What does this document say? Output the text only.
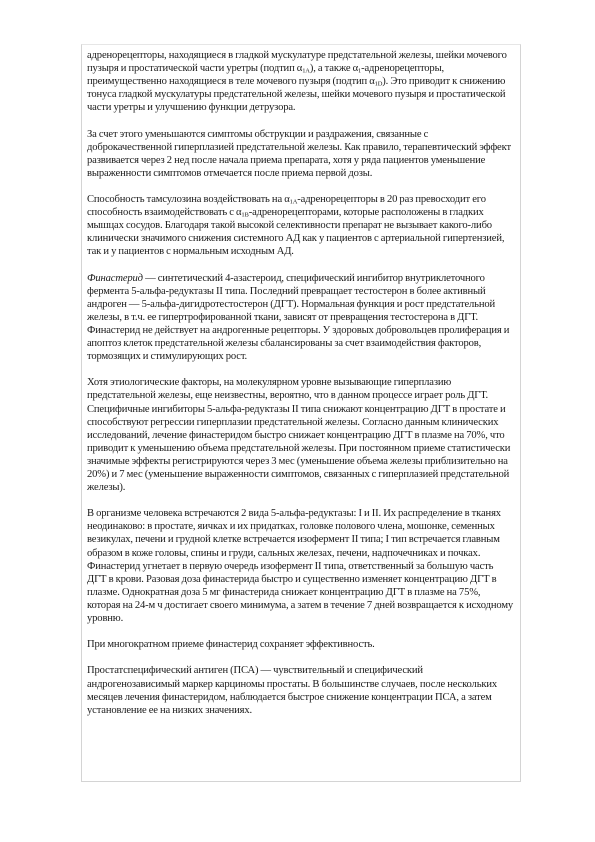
адренорецепторы, находящиеся в гладкой мускулатуре предстательной железы, шейки мочевого пузыря и простатической части уретры (подтип $\alpha_{1A}$), а также $\alpha_1$-адренорецепторы, преимущественно находящиеся в теле мочевого пузыря (подтип $\alpha_{1D}$). Это приводит к снижению тонуса гладкой мускулатуры предстательной железы, шейки мочевого пузыря и простатической части уретры и улучшению функции детрузора.

За счет этого уменьшаются симптомы обструкции и раздражения, связанные с доброкачественной гиперплазией предстательной железы. Как правило, терапевтический эффект развивается через 2 нед после начала приема препарата, хотя у ряда пациентов уменьшение выраженности симптомов отмечается после приема первой дозы.

Способность тамсулозина воздействовать на $\alpha_{1A}$-адренорецепторы в 20 раз превосходит его способность взаимодействовать с $\alpha_{1B}$-адренорецепторами, которые расположены в гладких мышцах сосудов. Благодаря такой высокой селективности препарат не вызывает какого-либо клинически значимого снижения системного АД как у пациентов с артериальной гипертензией, так и у пациентов с нормальным исходным АД.

Финастерид — синтетический 4-азастероид, специфический ингибитор внутриклеточного фермента 5-альфа-редуктазы II типа. Последний превращает тестостерон в более активный андроген — 5-альфа-дигидротестостерон (ДГТ). Нормальная функция и рост предстательной железы, в т.ч. ее гипертрофированной ткани, зависят от превращения тестостерона в ДГТ. Финастерид не действует на андрогенные рецепторы. У здоровых добровольцев пролиферация и апоптоз клеток предстательной железы сбалансированы за счет взаимодействия факторов, тормозящих и стимулирующих рост.

Хотя этиологические факторы, на молекулярном уровне вызывающие гиперплазию предстательной железы, еще неизвестны, вероятно, что в данном процессе играет роль ДГТ. Специфичные ингибиторы 5-альфа-редуктазы II типа снижают концентрацию ДГТ в простате и способствуют регрессии гиперплазии предстательной железы. Согласно данным клинических исследований, лечение финастеридом быстро снижает концентрацию ДГТ в плазме на 70%, что приводит к уменьшению объема предстательной железы. При постоянном приеме статистически значимые эффекты регистрируются через 3 мес (уменьшение объема железы приблизительно на 20%) и 7 мес (уменьшение выраженности симптомов, связанных с гиперплазией предстательной железы).

В организме человека встречаются 2 вида 5-альфа-редуктазы: I и II. Их распределение в тканях неодинаково: в простате, яичках и их придатках, головке полового члена, мошонке, семенных везикулах, печени и грудной клетке встречается изофермент II типа; I тип встречается главным образом в коже головы, спины и груди, сальных железах, печени, надпочечниках и почках. Финастерид угнетает в первую очередь изофермент II типа, ответственный за большую часть ДГТ в крови. Разовая доза финастерида быстро и существенно изменяет концентрацию ДГТ в плазме. Однократная доза 5 мг финастерида снижает концентрацию ДГТ в плазме на 75%, которая на 24-м ч достигает своего минимума, а затем в течение 7 дней возвращается к исходному уровню.

При многократном приеме финастерид сохраняет эффективность.

Простатспецифический антиген (ПСА) — чувствительный и специфический андрогенозависимый маркер карциномы простаты. В большинстве случаев, после нескольких месяцев лечения финастеридом, наблюдается быстрое снижение концентрации ПСА, а затем установление ее на низких значениях.
